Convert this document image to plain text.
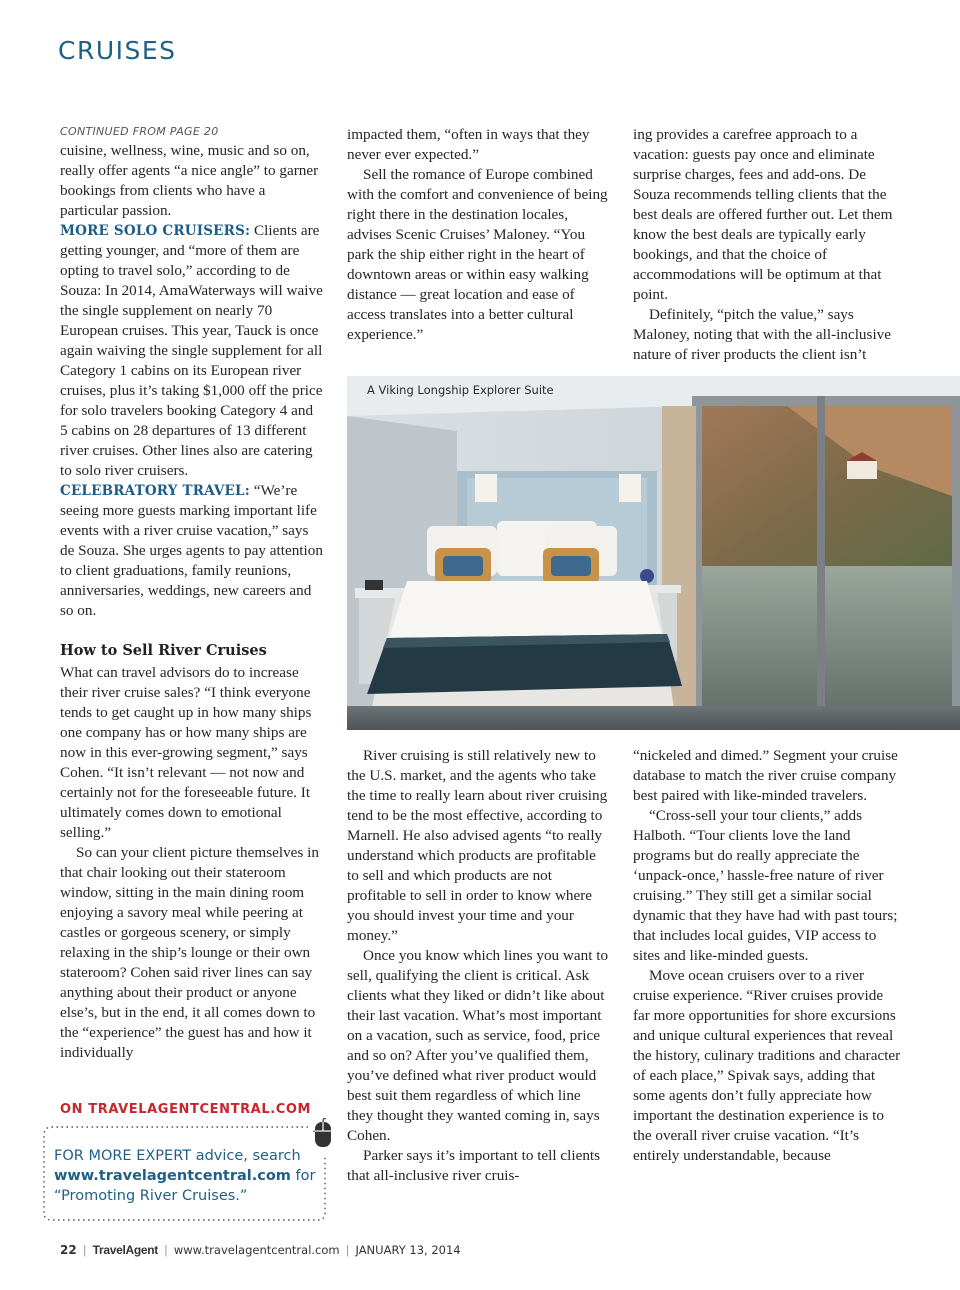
CRUISES
CONTINUED FROM PAGE 20

cuisine, wellness, wine, music and so on, really offer agents “a nice angle” to garner bookings from clients who have a particular passion.

MORE SOLO CRUISERS: Clients are getting younger, and “more of them are opting to travel solo,” according to de Souza: In 2014, AmaWaterways will waive the single supplement on nearly 70 European cruises. This year, Tauck is once again waiving the single supplement for all Category 1 cabins on its European river cruises, plus it’s taking $1,000 off the price for solo travelers booking Category 4 and 5 cabins on 28 departures of 13 different river cruises. Other lines also are catering to solo river cruisers.

CELEBRATORY TRAVEL: “We’re seeing more guests marking important life events with a river cruise vacation,” says de Souza. She urges agents to pay attention to client graduations, family reunions, anniversaries, weddings, new careers and so on.

How to Sell River Cruises

What can travel advisors do to increase their river cruise sales? “I think everyone tends to get caught up in how many ships one company has or how many ships are now in this ever-growing segment,” says Cohen. “It isn’t relevant — not now and certainly not for the foreseeable future. It ultimately comes down to emotional selling.”

So can your client picture themselves in that chair looking out their stateroom window, sitting in the main dining room enjoying a savory meal while peering at castles or gorgeous scenery, or simply relaxing in the ship’s lounge or their own stateroom? Cohen said river lines can say anything about their product or anyone else’s, but in the end, it all comes down to the “experience” the guest has and how it individually

impacted them, “often in ways that they never ever expected.”

Sell the romance of Europe combined with the comfort and convenience of being right there in the destination locales, advises Scenic Cruises’ Maloney. “You park the ship either right in the heart of downtown areas or within easy walking distance — great location and ease of access translates into a better cultural experience.”

ing provides a carefree approach to a vacation: guests pay once and eliminate surprise charges, fees and add-ons. De Souza recommends telling clients that the best deals are offered further out. Let them know the best deals are typically early bookings, and that the choice of accommodations will be optimum at that point.

Definitely, “pitch the value,” says Maloney, noting that with the all-inclusive nature of river products the client isn’t

A Viking Longship Explorer Suite

River cruising is still relatively new to the U.S. market, and the agents who take the time to really learn about river cruising tend to be the most effective, according to Marnell. He also advised agents “to really understand which products are profitable to sell and which products are not profitable to sell in order to know where you should invest your time and your money.”

Once you know which lines you want to sell, qualifying the client is critical. Ask clients what they liked or didn’t like about their last vacation. What’s most important on a vacation, such as service, food, price and so on? After you’ve qualified them, you’ve defined what river product would best suit them regardless of which line they thought they wanted coming in, says Cohen.

Parker says it’s important to tell clients that all-inclusive river cruis-

“nickeled and dimed.” Segment your cruise database to match the river cruise company best paired with like-minded travelers.

“Cross-sell your tour clients,” adds Halboth. “Tour clients love the land programs but do really appreciate the ‘unpack-once,’ hassle-free nature of river cruising.” They still get a similar social dynamic that they have had with past tours; that includes local guides, VIP access to sites and like-minded guests.

Move ocean cruisers over to a river cruise experience. “River cruises provide far more opportunities for shore excursions and unique cultural experiences that reveal the history, culinary traditions and character of each place,” Spivak says, adding that some agents don’t fully appreciate how important the destination experience is to the overall river cruise vacation. “It’s entirely understandable, because

ON TRAVELAGENTCENTRAL.COM
FOR MORE EXPERT advice, search
www.travelagentcentral.com for
“Promoting River Cruises.”
22 | TravelAgent | www.travelagentcentral.com | JANUARY 13, 2014
